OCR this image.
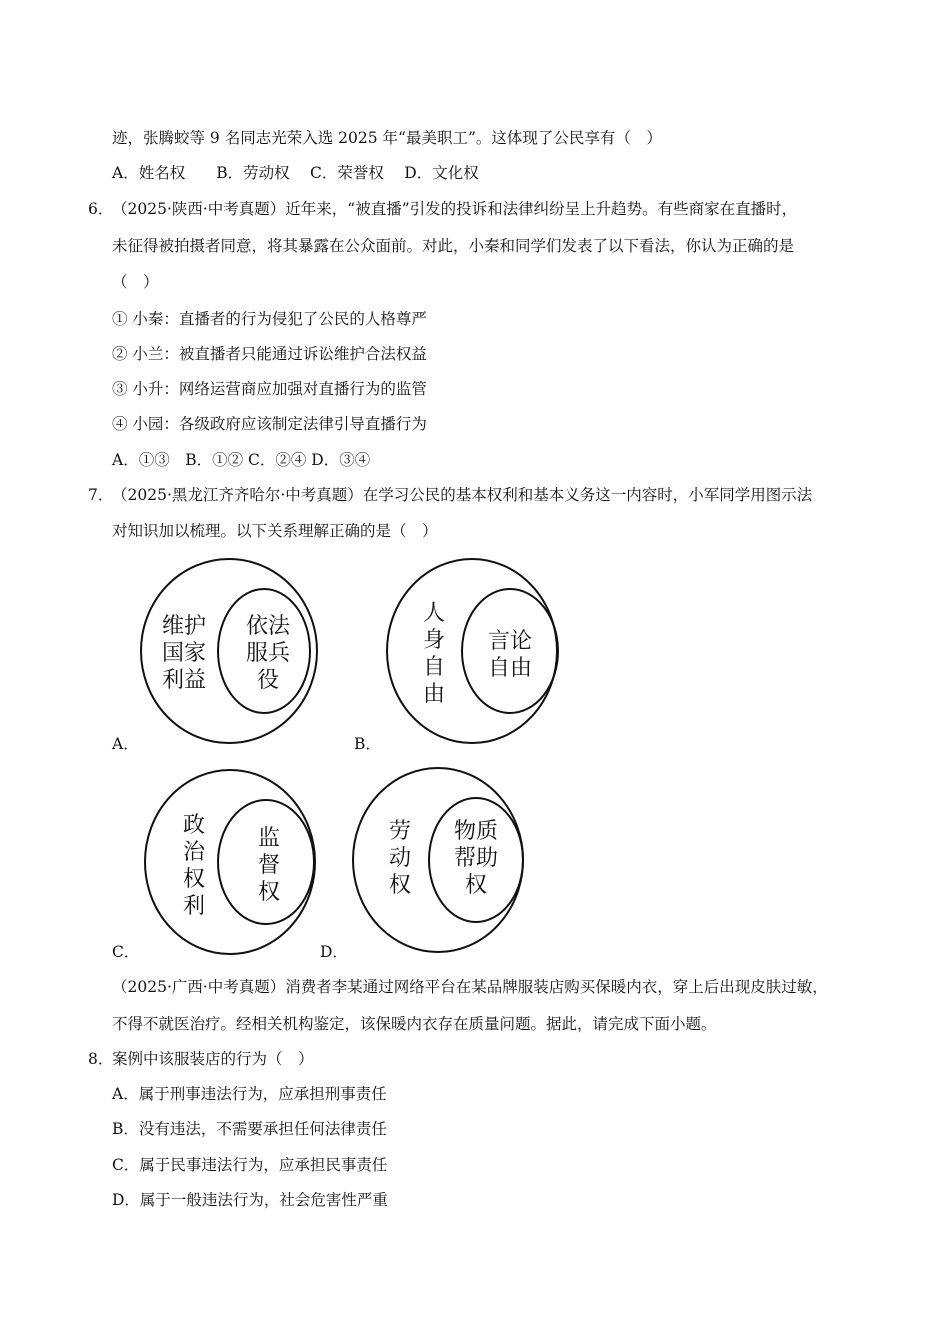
迹，张腾蛟等 9 名同志光荣入选 2025 年“最美职工”。这体现了公民享有（　）
A．姓名权　　B．劳动权　 C．荣誉权　 D．文化权
6．
（2025·陕西·中考真题）近年来，“被直播”引发的投诉和法律纠纷呈上升趋势。有些商家在直播时，
未征得被拍摄者同意，将其暴露在公众面前。对此，小秦和同学们发表了以下看法，你认为正确的是
（　）
① 小秦：直播者的行为侵犯了公民的人格尊严
② 小兰：被直播者只能通过诉讼维护合法权益
③ 小升：网络运营商应加强对直播行为的监管
④ 小园：各级政府应该制定法律引导直播行为
A．①③　B．①② C．②④ D．③④
7．
（2025·黑龙江齐齐哈尔·中考真题）在学习公民的基本权利和基本义务这一内容时，小军同学用图示法
对知识加以梳理。以下关系理解正确的是（　）
维护
国家
利益
依法
服兵
役
A．
人
身
自
由
言论
自由
B．
政
治
权
利
监
督
权
C．
劳
动
权
物质
帮助
权
D．
（2025·广西·中考真题）消费者李某通过网络平台在某品牌服装店购买保暖内衣，穿上后出现皮肤过敏，
不得不就医治疗。经相关机构鉴定，该保暖内衣存在质量问题。据此，请完成下面小题。
8．
案例中该服装店的行为（　）
A．属于刑事违法行为，应承担刑事责任
B．没有违法，不需要承担任何法律责任
C．属于民事违法行为，应承担民事责任
D．属于一般违法行为，社会危害性严重
